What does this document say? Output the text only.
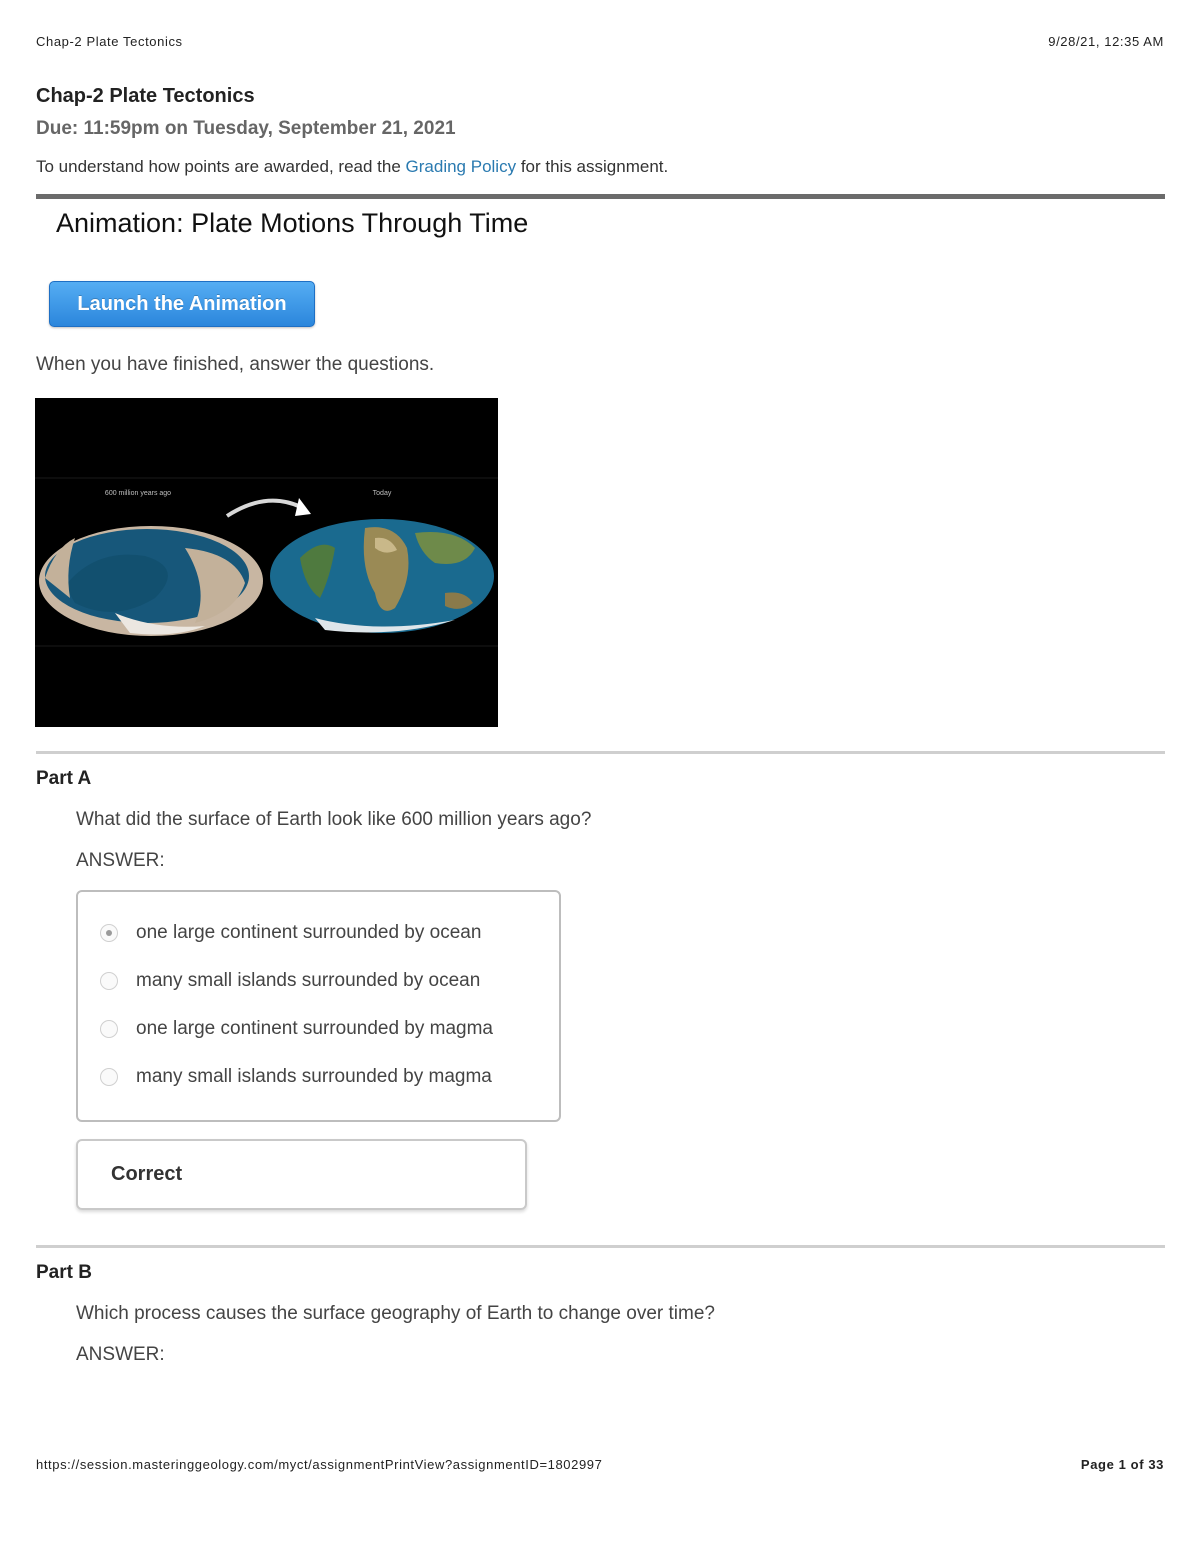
Chap-2 Plate Tectonics	9/28/21, 12:35 AM
Chap-2 Plate Tectonics
Due: 11:59pm on Tuesday, September 21, 2021
To understand how points are awarded, read the Grading Policy for this assignment.
Animation: Plate Motions Through Time
Launch the Animation
When you have finished, answer the questions.
600 million years ago	Today
Part A
What did the surface of Earth look like 600 million years ago?
ANSWER:
one large continent surrounded by ocean
many small islands surrounded by ocean
one large continent surrounded by magma
many small islands surrounded by magma
Correct
Part B
Which process causes the surface geography of Earth to change over time?
ANSWER:
https://session.masteringgeology.com/myct/assignmentPrintView?assignmentID=1802997	Page 1 of 33
